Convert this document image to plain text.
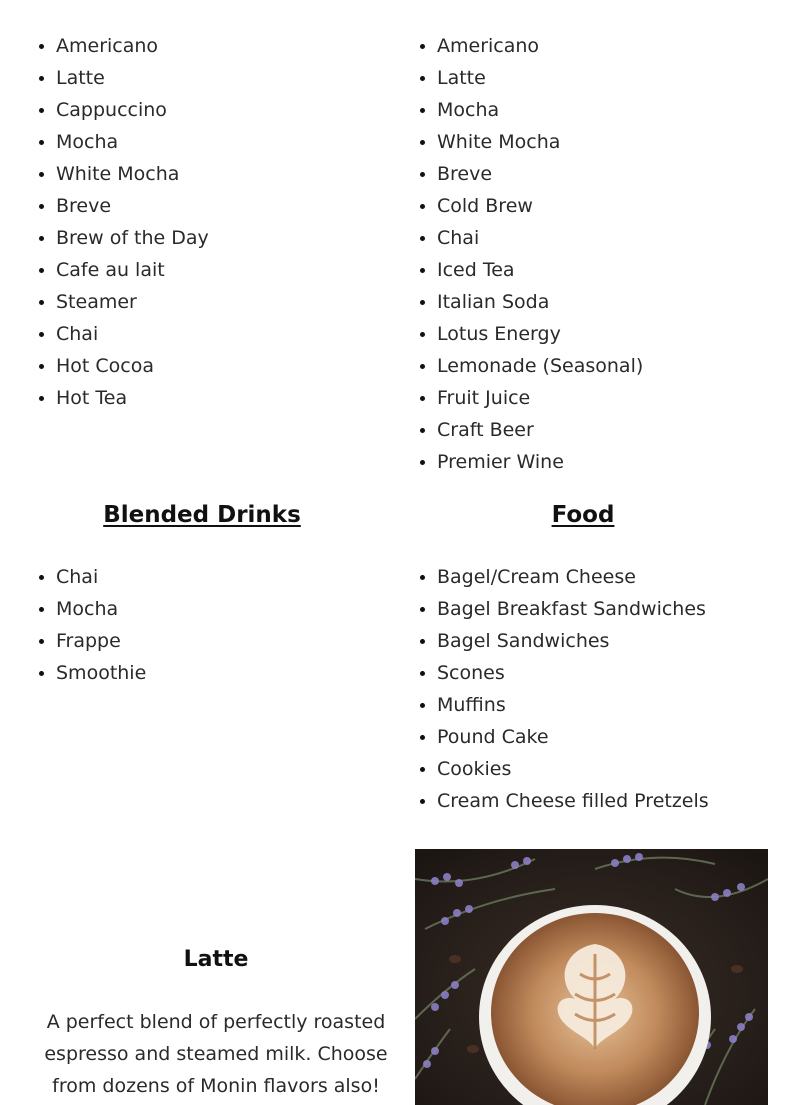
• Americano
• Latte
• Cappuccino
• Mocha
• White Mocha
• Breve
• Brew of the Day
• Cafe au lait
• Steamer
• Chai
• Hot Cocoa
• Hot Tea
• Americano
• Latte
• Mocha
• White Mocha
• Breve
• Cold Brew
• Chai
• Iced Tea
• Italian Soda
• Lotus Energy
• Lemonade (Seasonal)
• Fruit Juice
• Craft Beer
• Premier Wine
Blended Drinks	Food
• Chai
• Mocha
• Frappe
• Smoothie
• Bagel/Cream Cheese
• Bagel Breakfast Sandwiches
• Bagel Sandwiches
• Scones
• Muffins
• Pound Cake
• Cookies
• Cream Cheese filled Pretzels
Latte

A perfect blend of perfectly roasted espresso and steamed milk. Choose from dozens of Monin flavors also!
